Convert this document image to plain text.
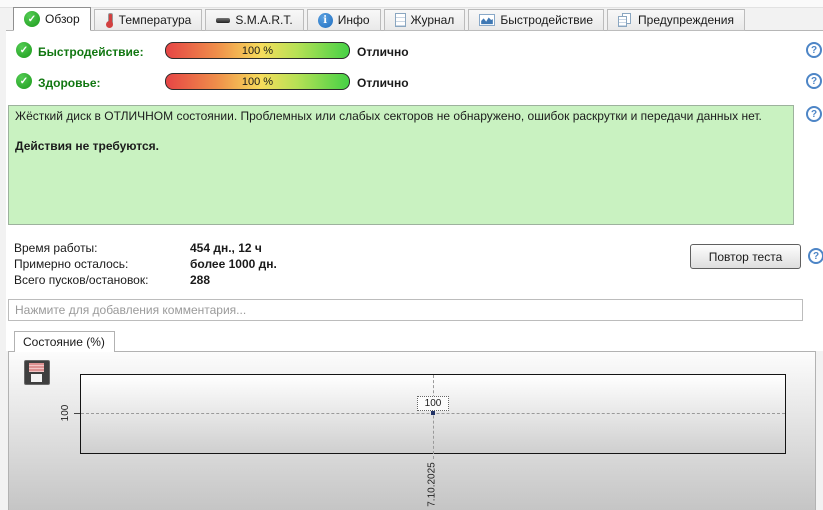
✓ Обзор	Температура	S.M.A.R.T.	i Инфо	Журнал	Быстродействие	Предупреждения
✓ Быстродействие:	100 %	Отлично	?
✓ Здоровье:	100 %	Отлично	?
Жёсткий диск в ОТЛИЧНОМ состоянии. Проблемных или слабых секторов не обнаружено, ошибок раскрутки и передачи данных нет.
Действия не требуются.
?
Время работы:	454 дн., 12 ч
Примерно осталось:	более 1000 дн.
Всего пусков/остановок:	288
Повтор теста	?
Нажмите для добавления комментария...
Состояние (%)
100
100
7.10.2025
